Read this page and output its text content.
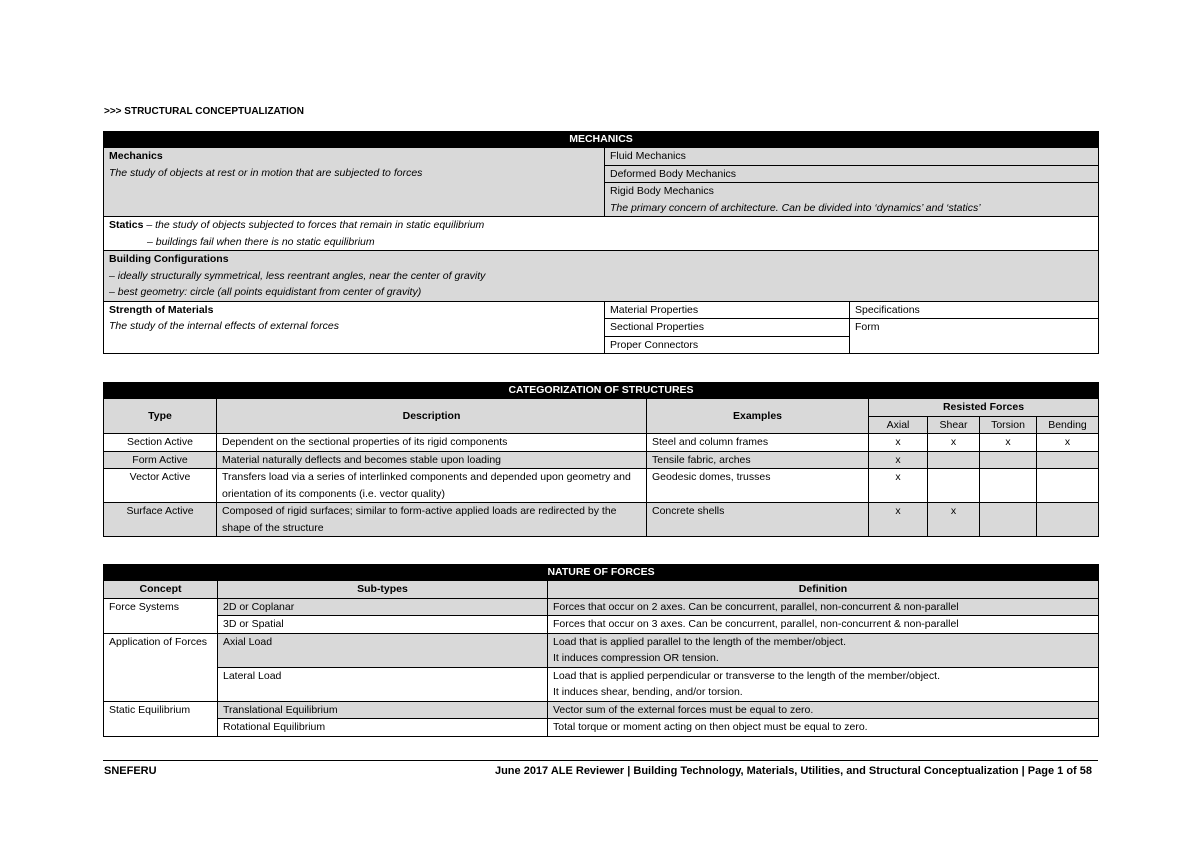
>>> STRUCTURAL CONCEPTUALIZATION
MECHANICS		

Mechanics
The study of objects at rest or in motion that are subjected to forces	Fluid Mechanics	
	Deformed Body Mechanics	
	Rigid Body Mechanics	
	The primary concern of architecture. Can be divided into ‘dynamics’ and ‘statics’	

Statics – the study of objects subjected to forces that remain in static equilibrium
– buildings fail when there is no static equilibrium		

Building Configurations
– ideally structurally symmetrical, less reentrant angles, near the center of gravity
– best geometry: circle (all points equidistant from center of gravity)		

Strength of Materials
The study of the internal effects of external forces	Material Properties	Specifications
	Sectional Properties	Form
	Proper Connectors	
CATEGORIZATION OF STRUCTURES						
Type	Description	Examples	Resisted Forces			
			Axial	Shear	Torsion	Bending
Section Active	Dependent on the sectional properties of its rigid components	Steel and column frames	x	x	x	x
Form Active	Material naturally deflects and becomes stable upon loading	Tensile fabric, arches	x			
Vector Active	Transfers load via a series of interlinked components and depended upon geometry and orientation of its components (i.e. vector quality)	Geodesic domes, trusses	x			
Surface Active	Composed of rigid surfaces; similar to form-active applied loads are redirected by the shape of the structure	Concrete shells	x	x		
NATURE OF FORCES		
Concept	Sub-types	Definition
Force Systems	2D or Coplanar	Forces that occur on 2 axes. Can be concurrent, parallel, non-concurrent & non-parallel
	3D or Spatial	Forces that occur on 3 axes. Can be concurrent, parallel, non-concurrent & non-parallel
Application of Forces	Axial Load	Load that is applied parallel to the length of the member/object.
It induces compression OR tension.

	Lateral Load	Load that is applied perpendicular or transverse to the length of the member/object.
It induces shear, bending, and/or torsion.

Static Equilibrium	Translational Equilibrium	Vector sum of the external forces must be equal to zero.
	Rotational Equilibrium	Total torque or moment acting on then object must be equal to zero.
SNEFERU	June 2017 ALE Reviewer | Building Technology, Materials, Utilities, and Structural Conceptualization | Page 1 of 58
